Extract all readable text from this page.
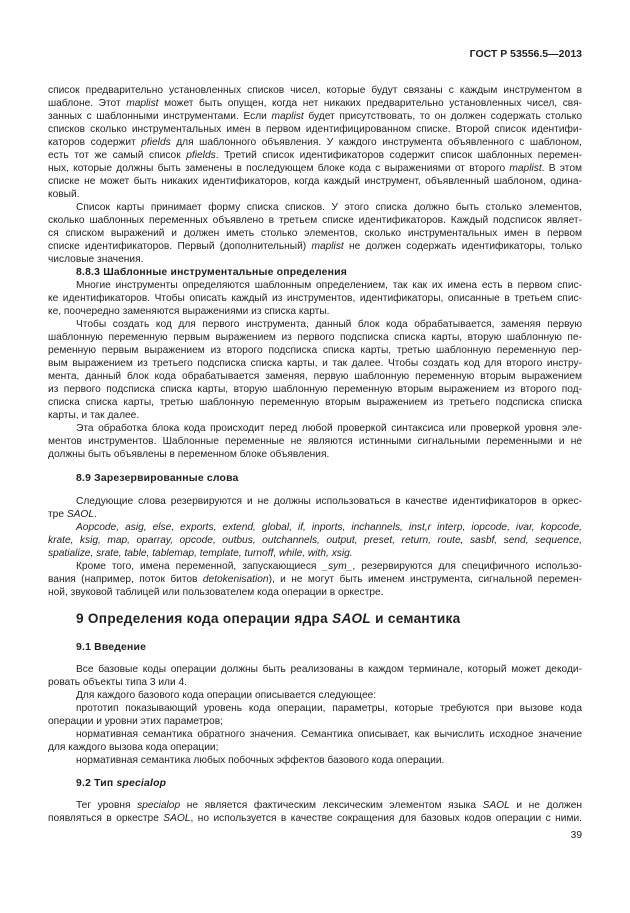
ГОСТ Р 53556.5—2013
список предварительно установленных списков чисел, которые будут связаны с каждым инструментом в
шаблоне. Этот maplist может быть опущен, когда нет никаких предварительно установленных чисел, свя-
занных с шаблонными инструментами. Если maplist будет присутствовать, то он должен содержать столько
списков сколько инструментальных имен в первом идентифицированном списке. Второй список идентифи-
каторов содержит pfields для шаблонного объявления. У каждого инструмента объявленного с шаблоном,
есть тот же самый список pfields. Третий список идентификаторов содержит список шаблонных перемен-
ных, которые должны быть заменены в последующем блоке кода с выражениями от второго maplist. В этом
списке не может быть никаких идентификаторов, когда каждый инструмент, объявленный шаблоном, одина-
ковый.
Список карты принимает форму списка списков. У этого списка должно быть столько элементов,
сколько шаблонных переменных объявлено в третьем списке идентификаторов. Каждый подсписок являет-
ся списком выражений и должен иметь столько элементов, сколько инструментальных имен в первом
списке идентификаторов. Первый (дополнительный) maplist не должен содержать идентификаторы, только
числовые значения.
8.8.3 Шаблонные инструментальные определения
Многие инструменты определяются шаблонным определением, так как их имена есть в первом спис-
ке идентификаторов. Чтобы описать каждый из инструментов, идентификаторы, описанные в третьем спис-
ке, поочередно заменяются выражениями из списка карты.
Чтобы создать код для первого инструмента, данный блок кода обрабатывается, заменяя первую
шаблонную переменную первым выражением из первого подсписка списка карты, вторую шаблонную пе-
ременную первым выражением из второго подсписка списка карты, третью шаблонную переменную пер-
вым выражением из третьего подсписка списка карты, и так далее. Чтобы создать код для второго инстру-
мента, данный блок кода обрабатывается заменяя, первую шаблонную переменную вторым выражением
из первого подсписка списка карты, вторую шаблонную переменную вторым выражением из второго под-
списка списка карты, третью шаблонную переменную вторым выражением из третьего подсписка списка
карты, и так далее.
Эта обработка блока кода происходит перед любой проверкой синтаксиса или проверкой уровня эле-
ментов инструментов. Шаблонные переменные не являются истинными сигнальными переменными и не
должны быть объявлены в переменном блоке объявления.
8.9 Зарезервированные слова
Следующие слова резервируются и не должны использоваться в качестве идентификаторов в оркес-
тре SAOL.
Aopcode, asig, else, exports, extend, global, if, inports, inchannels, inst,r interp, iopcode, ivar, kopcode,
krate, ksig, map, oparray, opcode, outbus, outchannels, output, preset, return, route, sasbf, send, sequence,
spatialize, srate, table, tablemap, template, turnoff, while, with, xsig.
Кроме того, имена переменной, запускающиеся _sym_, резервируются для специфичного использо-
вания (например, поток битов detokenisation), и не могут быть именем инструмента, сигнальной перемен-
ной, звуковой таблицей или пользователем кода операции в оркестре.
9 Определения кода операции ядра SAOL и семантика
9.1 Введение
Все базовые коды операции должны быть реализованы в каждом терминале, который может декоди-
ровать объекты типа 3 или 4.
Для каждого базового кода операции описывается следующее:
прототип показывающий уровень кода операции, параметры, которые требуются при вызове кода
операции и уровни этих параметров;
нормативная семантика обратного значения. Семантика описывает, как вычислить исходное значение
для каждого вызова кода операции;
нормативная семантика любых побочных эффектов базового кода операции.
9.2 Тип specialop
Тег уровня specialop не является фактическим лексическим элементом языка SAOL и не должен
появляться в оркестре SAOL, но используется в качестве сокращения для базовых кодов операции с ними.
39
